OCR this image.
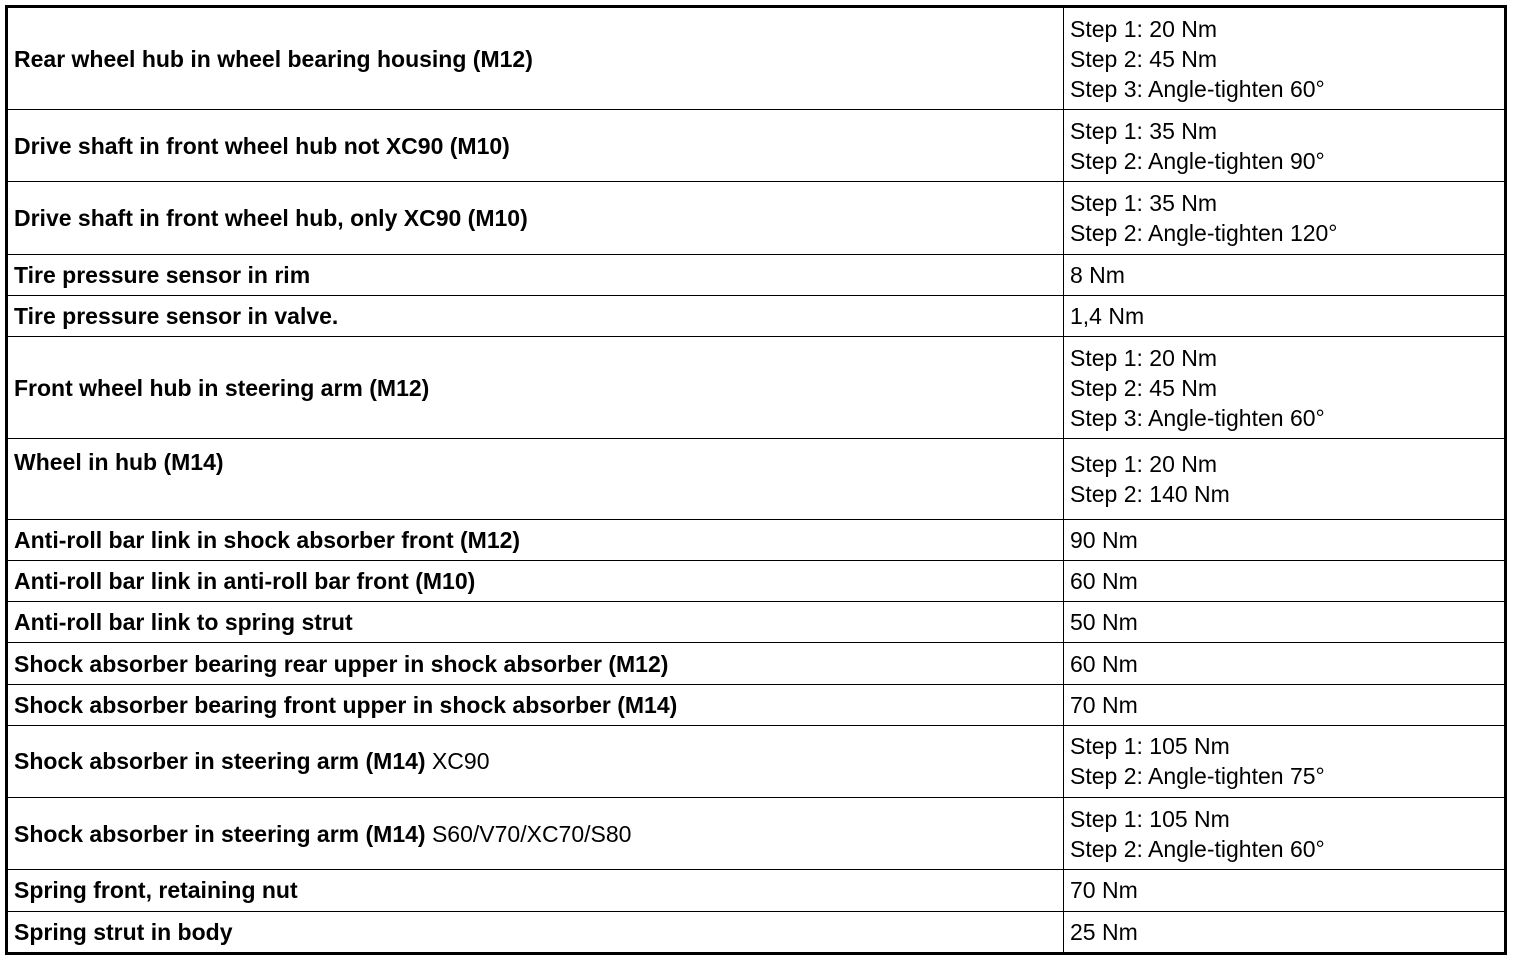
Rear wheel hub in wheel bearing housing (M12)	Step 1: 20 Nm
Step 2: 45 Nm
Step 3: Angle-tighten 60°

Drive shaft in front wheel hub not XC90 (M10)	Step 1: 35 Nm
Step 2: Angle-tighten 90°

Drive shaft in front wheel hub, only XC90 (M10)	Step 1: 35 Nm
Step 2: Angle-tighten 120°

Tire pressure sensor in rim	8 Nm

Tire pressure sensor in valve.	1,4 Nm

Front wheel hub in steering arm (M12)	Step 1: 20 Nm
Step 2: 45 Nm
Step 3: Angle-tighten 60°

Wheel in hub (M14)	Step 1: 20 Nm
Step 2: 140 Nm

Anti-roll bar link in shock absorber front (M12)	90 Nm

Anti-roll bar link in anti-roll bar front (M10)	60 Nm

Anti-roll bar link to spring strut	50 Nm

Shock absorber bearing rear upper in shock absorber (M12)	60 Nm

Shock absorber bearing front upper in shock absorber (M14)	70 Nm

Shock absorber in steering arm (M14) XC90	Step 1: 105 Nm
Step 2: Angle-tighten 75°

Shock absorber in steering arm (M14) S60/V70/XC70/S80	Step 1: 105 Nm
Step 2: Angle-tighten 60°

Spring front, retaining nut	70 Nm

Spring strut in body	25 Nm
